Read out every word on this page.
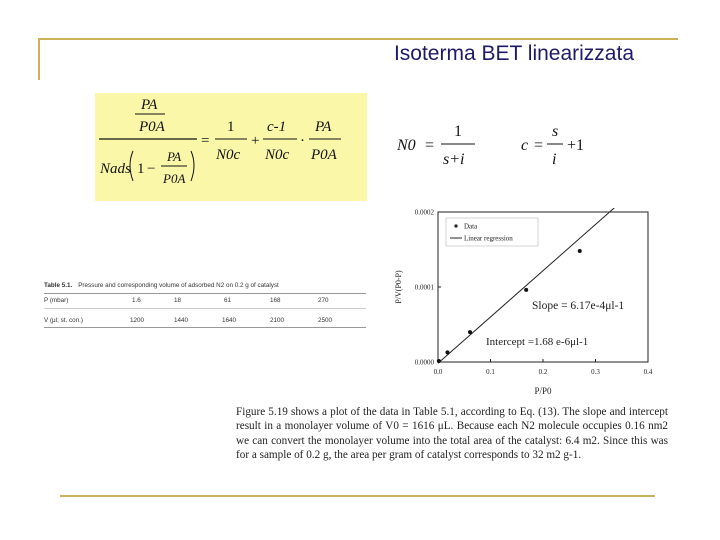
Isoterma BET linearizzata
PA
P0A
Nads 1 −
PA
P0A
=
1
N0c
+
c-1
N0c
·
PA
P0A
N0 =
1
s+i
c =
s
i
+1
Table 5.1. Pressure and corresponding volume of adsorbed N2 on 0.2 g of catalyst
P (mbar)	1.6	18	61	168	270
V (μl; st. con.)	1200	1440	1640	2100	2500
0.0000
0.0001
0.0002
0.0	0.1	0.2	0.3	0.4
Data
Linear regression
Slope = 6.17e-4μl-1
Intercept =1.68 e-6μl-1
P/P0
P/V(P0-P)
Figure 5.19 shows a plot of the data in Table 5.1, according to Eq. (13). The slope and intercept result in a monolayer volume of V0 = 1616 μL. Because each N2 molecule occupies 0.16 nm2 we can convert the monolayer volume into the total area of the catalyst: 6.4 m2. Since this was for a sample of 0.2 g, the area per gram of catalyst corresponds to 32 m2 g-1.
